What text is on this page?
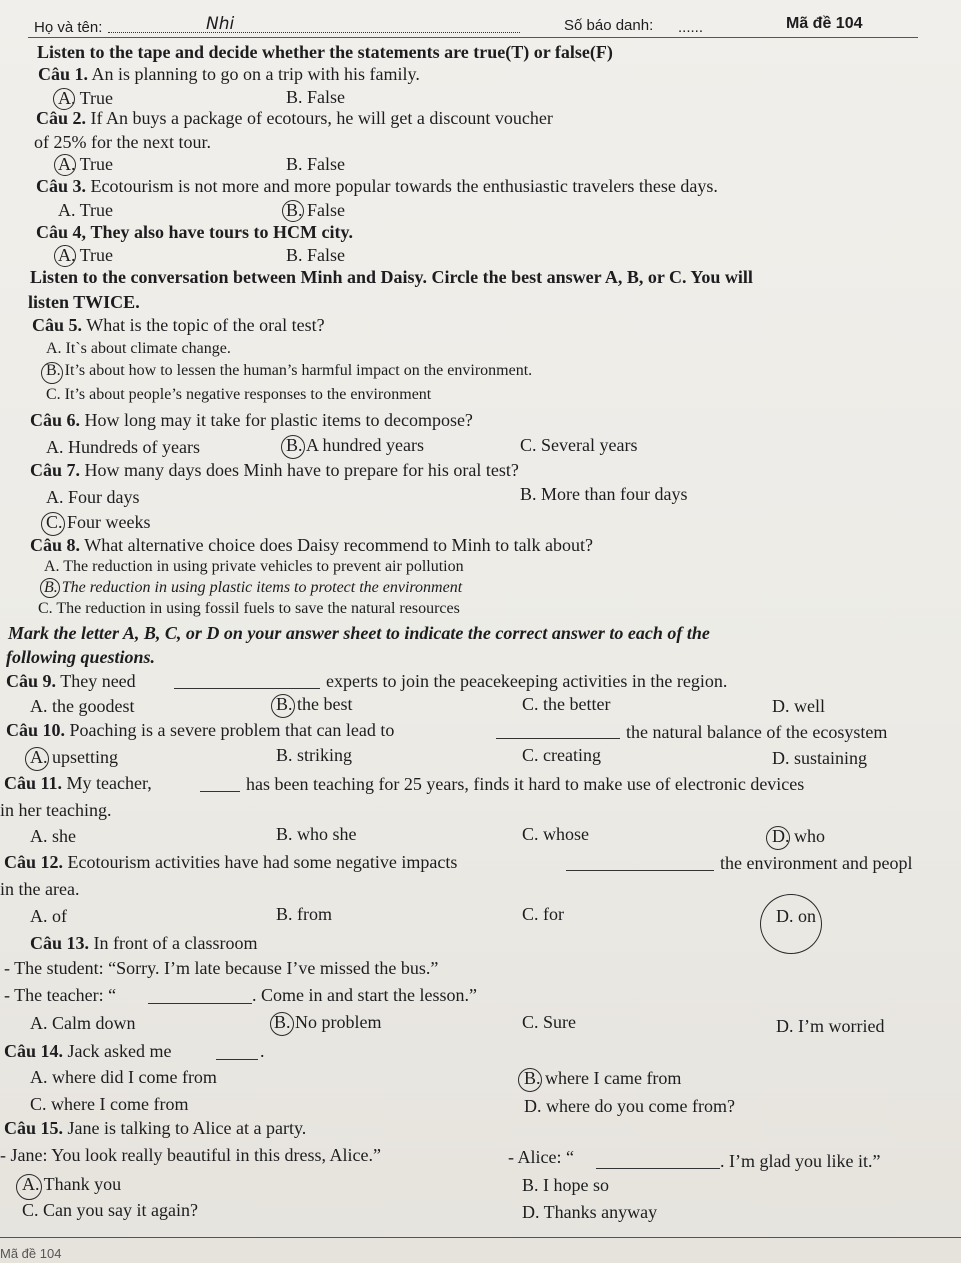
Họ và tên:	Nhi	Số báo danh: ......	Mã đề 104
Listen to the tape and decide whether the statements are true(T) or false(F)
Câu 1. An is planning to go on a trip with his family.
A. True	B. False
Câu 2. If An buys a package of ecotours, he will get a discount voucher
of 25% for the next tour.
A. True	B. False
Câu 3. Ecotourism is not more and more popular towards the enthusiastic travelers these days.
A. True	B. False
Câu 4, They also have tours to HCM city.
A. True	B. False
Listen to the conversation between Minh and Daisy. Circle the best answer A, B, or C. You will
listen TWICE.
Câu 5. What is the topic of the oral test?
A. It`s about climate change.
B. It’s about how to lessen the human’s harmful impact on the environment.
C. It’s about people’s negative responses to the environment
Câu 6. How long may it take for plastic items to decompose?
A. Hundreds of years	B. A hundred years	C. Several years
Câu 7. How many days does Minh have to prepare for his oral test?
A. Four days	B. More than four days
C. Four weeks
Câu 8. What alternative choice does Daisy recommend to Minh to talk about?
A. The reduction in using private vehicles to prevent air pollution
B. The reduction in using plastic items to protect the environment
C. The reduction in using fossil fuels to save the natural resources
Mark the letter A, B, C, or D on your answer sheet to indicate the correct answer to each of the
following questions.
Câu 9. They need	experts to join the peacekeeping activities in the region.
A. the goodest	B. the best	C. the better	D. well
Câu 10. Poaching is a severe problem that can lead to	the natural balance of the ecosystem
A. upsetting	B. striking	C. creating	D. sustaining
Câu 11. My teacher,	has been teaching for 25 years, finds it hard to make use of electronic devices
in her teaching.
A. she	B. who she	C. whose	D. who
Câu 12. Ecotourism activities have had some negative impacts	the environment and peopl
in the area.
A. of	B. from	C. for	D. on
Câu 13. In front of a classroom
- The student: “Sorry. I’m late because I’ve missed the bus.”
- The teacher: “	. Come in and start the lesson.”
A. Calm down	B. No problem	C. Sure	D. I’m worried
Câu 14. Jack asked me	.
A. where did I come from	B. where I came from
C. where I come from	D. where do you come from?
Câu 15. Jane is talking to Alice at a party.
- Jane: You look really beautiful in this dress, Alice.”	- Alice: “	. I’m glad you like it.”
A. Thank you	B. I hope so
C. Can you say it again?	D. Thanks anyway
Mã đề 104
